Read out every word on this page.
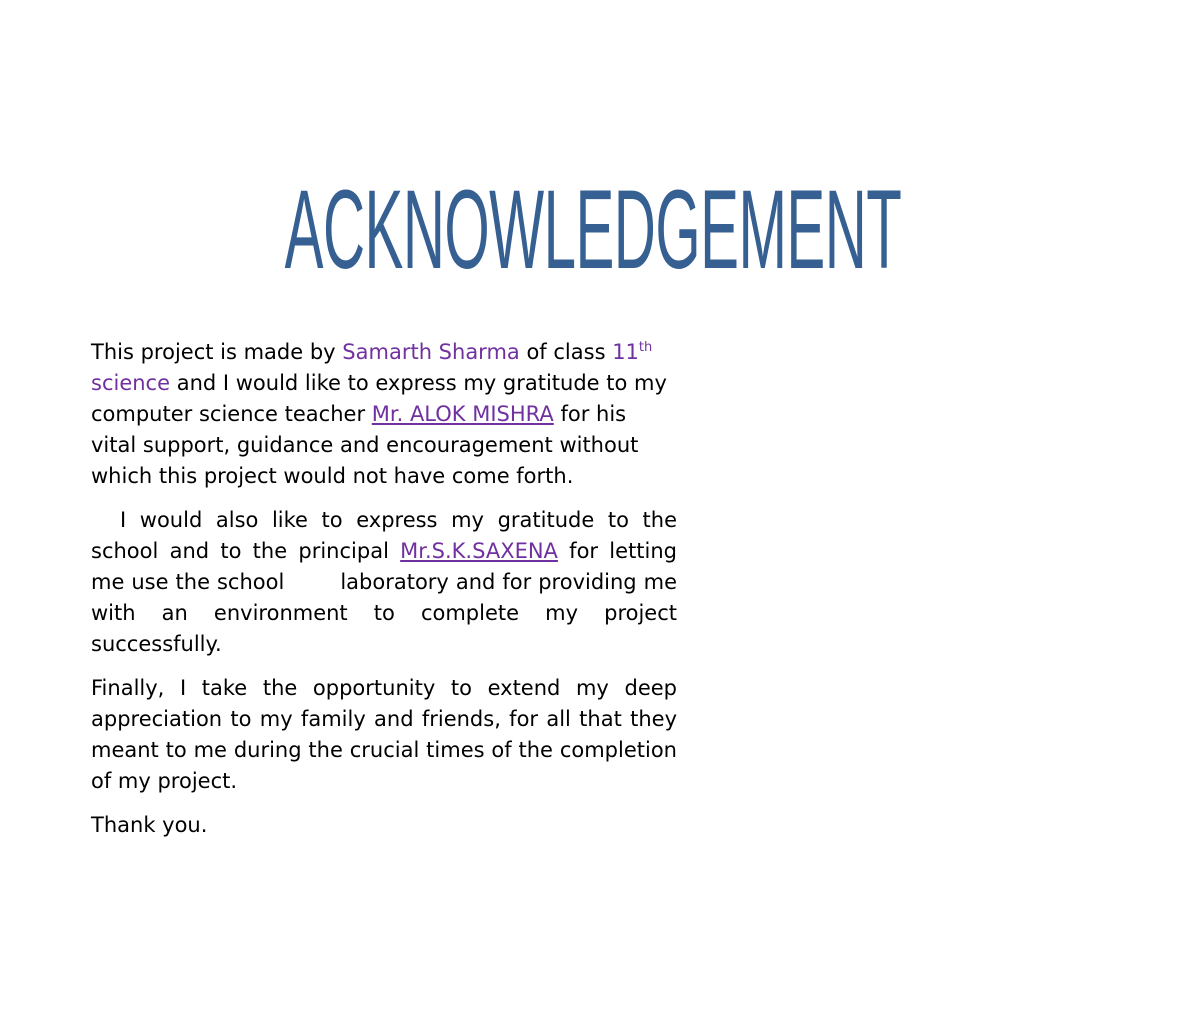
ACKNOWLEDGEMENT

This project is made by Samarth Sharma of class 11th science and I would like to express my gratitude to my computer science teacher Mr. ALOK MISHRA for his vital support, guidance and encouragement without which this project would not have come forth.

I would also like to express my gratitude to the school and to the principal Mr.S.K.SAXENA for letting me use the school	laboratory and for providing me with an environment to complete my project successfully.

Finally, I take the opportunity to extend my deep appreciation to my family and friends, for all that they meant to me during the crucial times of the completion of my project.

Thank you.
